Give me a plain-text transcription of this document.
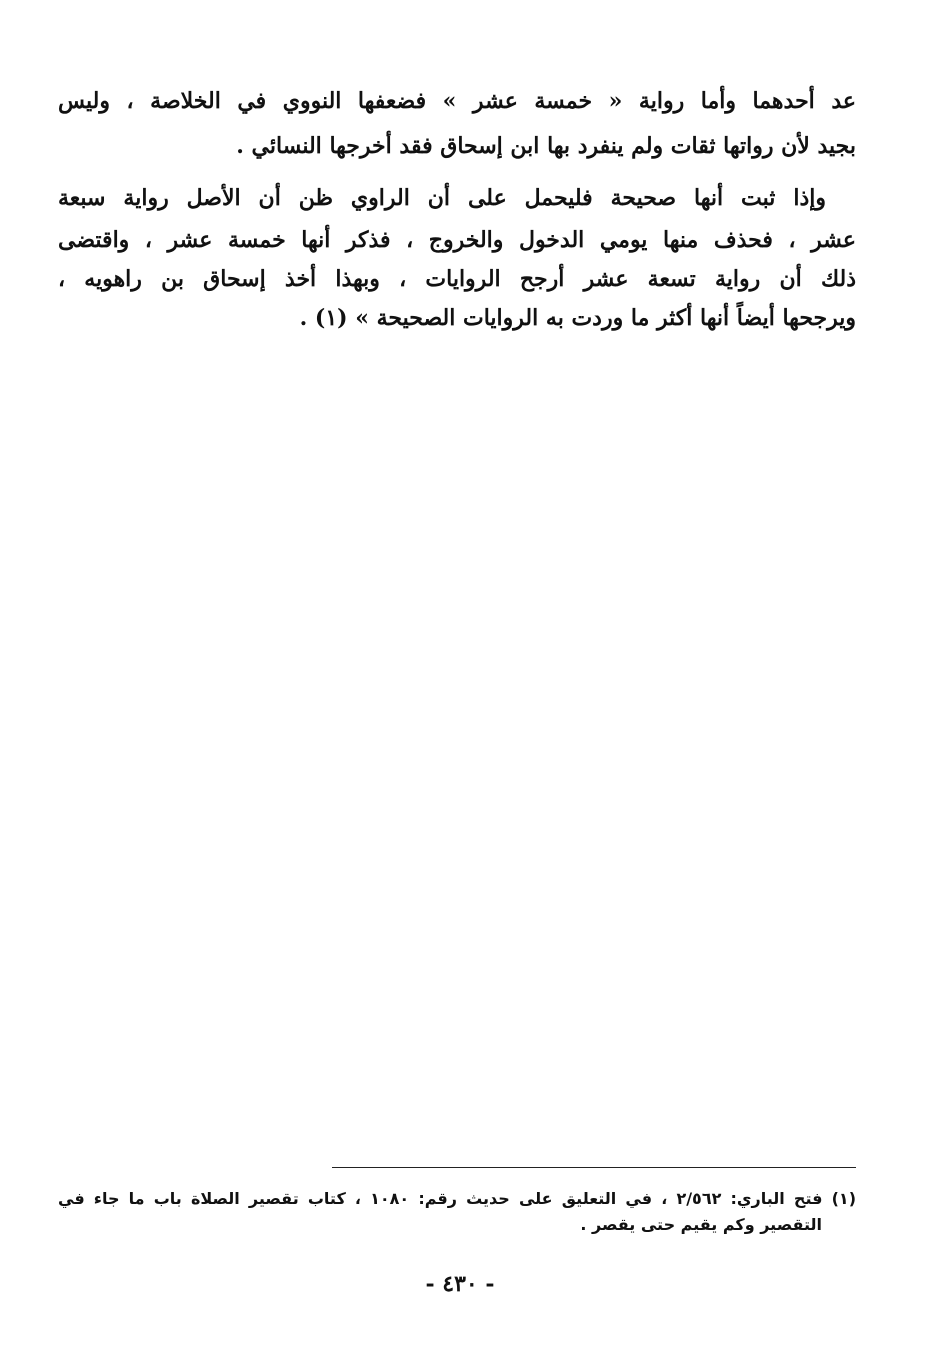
عد أحدهما وأما رواية « خمسة عشر » فضعفها النووي في الخلاصة ، وليس
بجيد لأن رواتها ثقات ولم ينفرد بها ابن إسحاق فقد أخرجها النسائي .
وإذا ثبت أنها صحيحة فليحمل على أن الراوي ظن أن الأصل رواية سبعة
عشر ، فحذف منها يومي الدخول والخروج ، فذكر أنها خمسة عشر ، واقتضى
ذلك أن رواية تسعة عشر أرجح الروايات ، وبهذا أخذ إسحاق بن راهويه ،
ويرجحها أيضاً أنها أكثر ما وردت به الروايات الصحيحة » (١) .
(١) فتح الباري: ٢/٥٦٢ ، في التعليق على حديث رقم: ١٠٨٠ ، كتاب تقصير الصلاة باب ما جاء في
التقصير وكم يقيم حتى يقصر .
- ٤٣٠ -
